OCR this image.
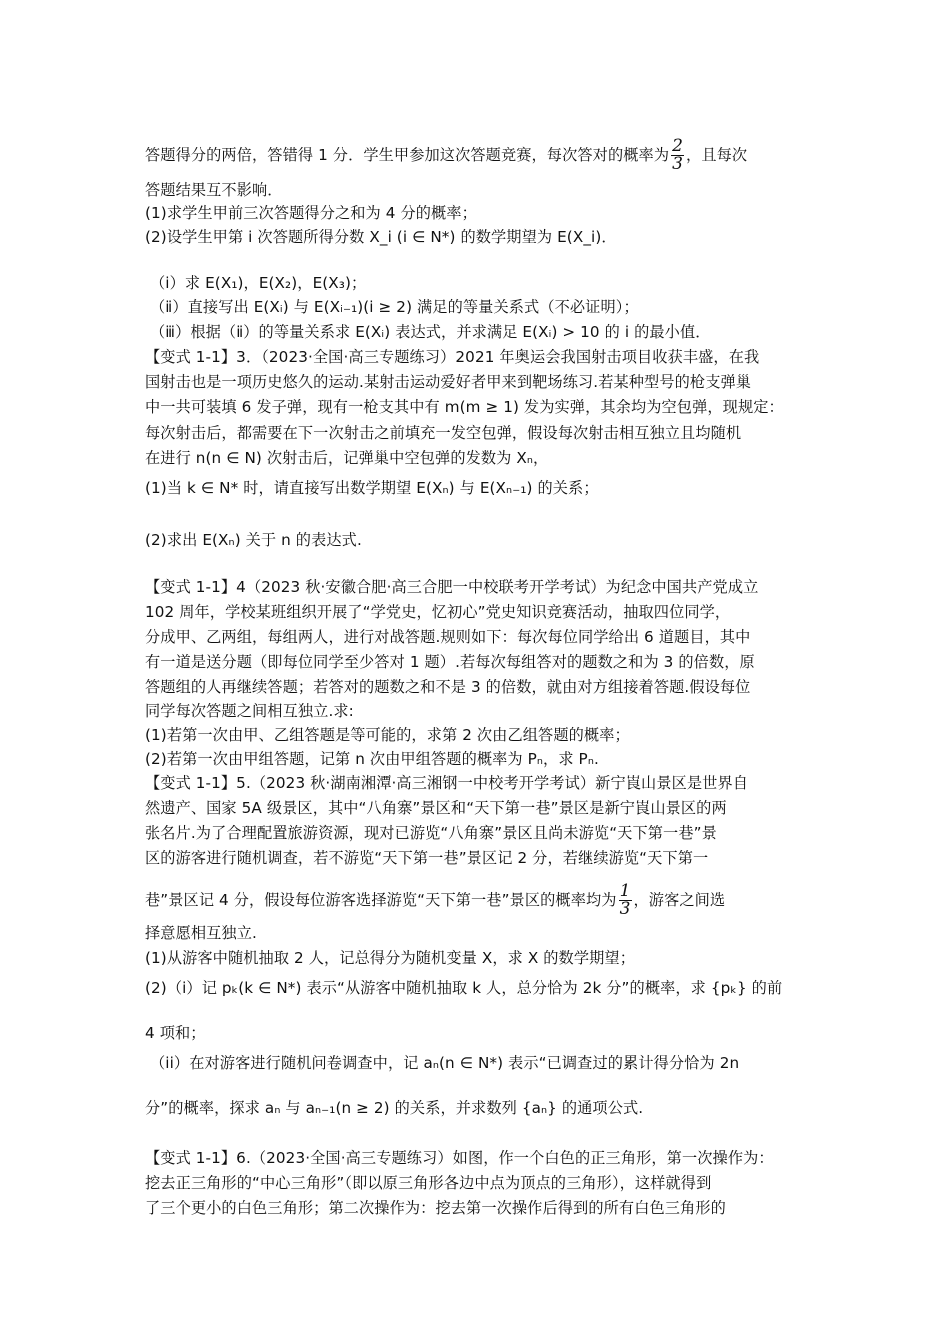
答题得分的两倍，答错得 1 分．学生甲参加这次答题竞赛，每次答对的概率为 $\frac{2}{3}$ ，且每次
答题结果互不影响．
(1)求学生甲前三次答题得分之和为 4 分的概率；
(2)设学生甲第 i 次答题所得分数 X_i (i ∈ N*) 的数学期望为 E(X_i)．
（ⅰ）求 E(X₁)，E(X₂)，E(X₃)；
（ⅱ）直接写出 E(Xᵢ) 与 E(Xᵢ₋₁)(i ≥ 2) 满足的等量关系式（不必证明）；
（ⅲ）根据（ⅱ）的等量关系求 E(Xᵢ) 表达式，并求满足 E(Xᵢ) > 10 的 i 的最小值．
【变式 1-1】3．（2023·全国·高三专题练习）2021 年奥运会我国射击项目收获丰盛，在我
国射击也是一项历史悠久的运动.某射击运动爱好者甲来到靶场练习.若某种型号的枪支弹巢
中一共可装填 6 发子弹，现有一枪支其中有 m(m ≥ 1) 发为实弹，其余均为空包弹，现规定：
每次射击后，都需要在下一次射击之前填充一发空包弹，假设每次射击相互独立且均随机
在进行 n(n ∈ N) 次射击后，记弹巢中空包弹的发数为 Xₙ，
(1)当 k ∈ N* 时，请直接写出数学期望 E(Xₙ) 与 E(Xₙ₋₁) 的关系；
(2)求出 E(Xₙ) 关于 n 的表达式.
【变式 1-1】4（2023 秋·安徽合肥·高三合肥一中校联考开学考试）为纪念中国共产党成立
102 周年，学校某班组织开展了“学党史，忆初心”党史知识竞赛活动，抽取四位同学，
分成甲、乙两组，每组两人，进行对战答题.规则如下：每次每位同学给出 6 道题目，其中
有一道是送分题（即每位同学至少答对 1 题）.若每次每组答对的题数之和为 3 的倍数，原
答题组的人再继续答题；若答对的题数之和不是 3 的倍数，就由对方组接着答题.假设每位
同学每次答题之间相互独立.求:
(1)若第一次由甲、乙组答题是等可能的，求第 2 次由乙组答题的概率；
(2)若第一次由甲组答题，记第 n 次由甲组答题的概率为 Pₙ，求 Pₙ.
【变式 1-1】5.（2023 秋·湖南湘潭·高三湘钢一中校考开学考试）新宁崀山景区是世界自
然遗产、国家 5A 级景区，其中“八角寨”景区和“天下第一巷”景区是新宁崀山景区的两
张名片.为了合理配置旅游资源，现对已游览“八角寨”景区且尚未游览“天下第一巷”景
区的游客进行随机调查，若不游览“天下第一巷”景区记 2 分，若继续游览“天下第一
巷”景区记 4 分，假设每位游客选择游览“天下第一巷”景区的概率均为 $\frac{1}{3}$ ，游客之间选
择意愿相互独立.
(1)从游客中随机抽取 2 人，记总得分为随机变量 X，求 X 的数学期望；
(2)（i）记 pₖ(k ∈ N*) 表示“从游客中随机抽取 k 人，总分恰为 2k 分”的概率，求 {pₖ} 的前
4 项和；
（ii）在对游客进行随机问卷调查中，记 aₙ(n ∈ N*) 表示“已调查过的累计得分恰为 2n
分”的概率，探求 aₙ 与 aₙ₋₁(n ≥ 2) 的关系，并求数列 {aₙ} 的通项公式.
【变式 1-1】6.（2023·全国·高三专题练习）如图，作一个白色的正三角形，第一次操作为：
挖去正三角形的“中心三角形”（即以原三角形各边中点为顶点的三角形），这样就得到
了三个更小的白色三角形；第二次操作为：挖去第一次操作后得到的所有白色三角形的
